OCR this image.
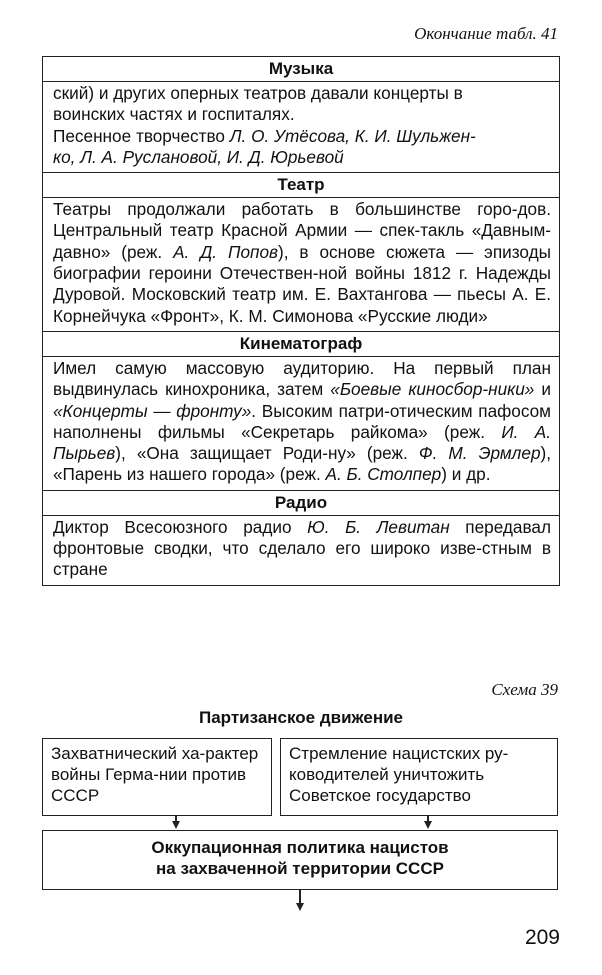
Окончание табл. 41
Музыка
ский) и других оперных театров давали концерты в
воинских частях и госпиталях.
Песенное творчество Л. О. Утёсова, К. И. Шульжен-
ко, Л. А. Руслановой, И. Д. Юрьевой
Театр
Театры продолжали работать в большинстве горо-дов. Центральный театр Красной Армии — спек-такль «Давным-давно» (реж. А. Д. Попов), в основе сюжета — эпизоды биографии героини Отечествен-ной войны 1812 г. Надежды Дуровой. Московский театр им. Е. Вахтангова — пьесы А. Е. Корнейчука «Фронт», К. М. Симонова «Русские люди»
Кинематограф
Имел самую массовую аудиторию. На первый план выдвинулась кинохроника, затем «Боевые киносбор-ники» и «Концерты — фронту». Высоким патри-отическим пафосом наполнены фильмы «Секретарь райкома» (реж. И. А. Пырьев), «Она защищает Роди-ну» (реж. Ф. М. Эрмлер), «Парень из нашего города» (реж. А. Б. Столпер) и др.
Радио
Диктор Всесоюзного радио Ю. Б. Левитан передавал фронтовые сводки, что сделало его широко изве-стным в стране
Схема 39
Партизанское движение
Захватнический ха-рактер войны Герма-нии против СССР
Стремление нацистских ру-ководителей уничтожить Советское государство
Оккупационная политика нацистов
на захваченной территории СССР
209
